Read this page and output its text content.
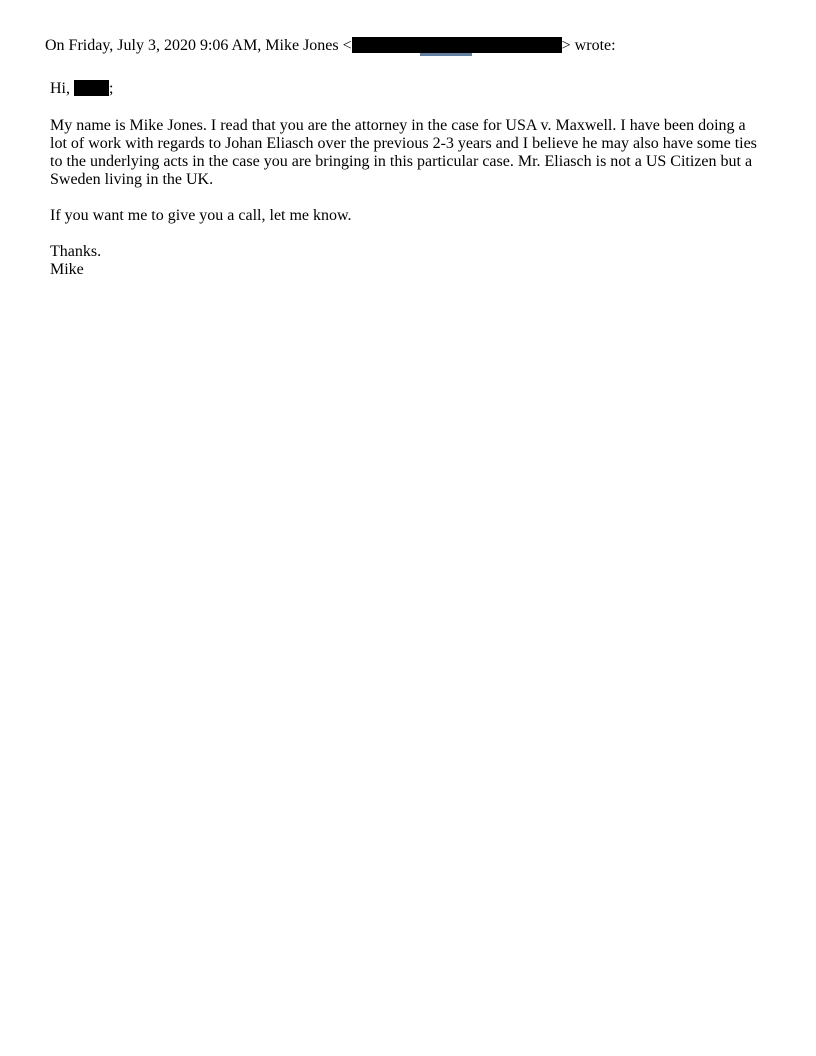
On Friday, July 3, 2020 9:06 AM, Mike Jones <	> wrote:
Hi, ;

My name is Mike Jones. I read that you are the attorney in the case for USA v. Maxwell. I have been doing a lot of work with regards to Johan Eliasch over the previous 2-3 years and I believe he may also have some ties to the underlying acts in the case you are bringing in this particular case. Mr. Eliasch is not a US Citizen but a Sweden living in the UK.

If you want me to give you a call, let me know.

Thanks.
Mike
